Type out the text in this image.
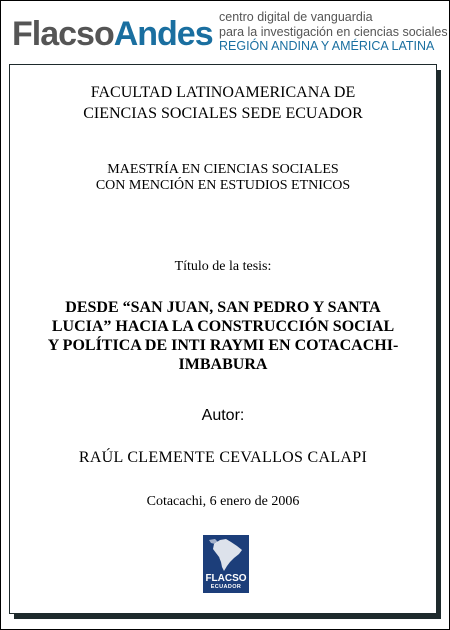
FlacsoAndes centro digital de vanguardia
para la investigación en ciencias sociales
REGIÓN ANDINA Y AMÉRICA LATINA
FACULTAD LATINOAMERICANA DE
CIENCIAS SOCIALES SEDE ECUADOR
MAESTRÍA EN CIENCIAS SOCIALES
CON MENCIÓN EN ESTUDIOS ETNICOS
Título de la tesis:
DESDE “SAN JUAN, SAN PEDRO Y SANTA
LUCIA” HACIA LA CONSTRUCCIÓN SOCIAL
Y POLÍTICA DE INTI RAYMI EN COTACACHI-
IMBABURA
Autor:
RAÚL CLEMENTE CEVALLOS CALAPI
Cotacachi, 6 enero de 2006
FLACSO
ECUADOR
